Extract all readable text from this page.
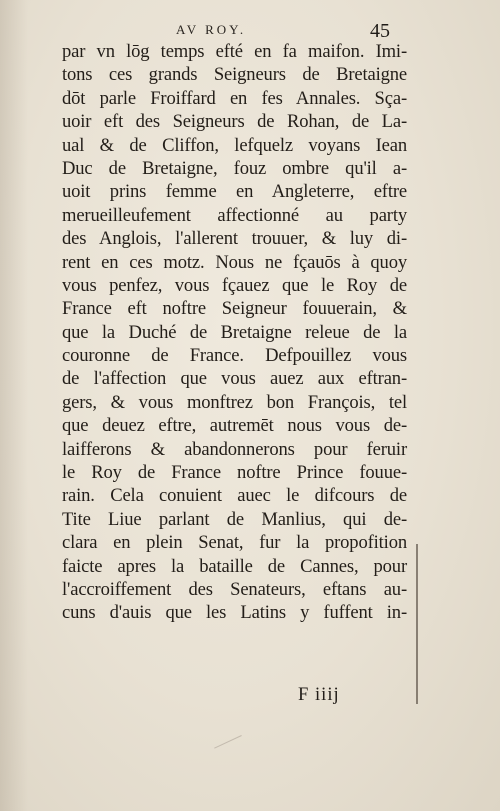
AV ROY.	45
par vn lōg temps efté en fa maifon. Imi-
tons ces grands Seigneurs de Bretaigne
dōt parle Froiffard en fes Annales. Sça-
uoir eft des Seigneurs de Rohan, de La-
ual & de Cliffon, lefquelz voyans Iean
Duc de Bretaigne, fouz ombre qu'il a-
uoit prins femme en Angleterre, eftre
merueilleufement affectionné au party
des Anglois, l'allerent trouuer, & luy di-
rent en ces motz. Nous ne fçauōs à quoy
vous penfez, vous fçauez que le Roy de
France eft noftre Seigneur fouuerain, &
que la Duché de Bretaigne releue de la
couronne de France. Defpouillez vous
de l'affection que vous auez aux eftran-
gers, & vous monftrez bon François, tel
que deuez eftre, autremēt nous vous de-
laifferons & abandonnerons pour feruir
le Roy de France noftre Prince fouue-
rain. Cela conuient auec le difcours de
Tite Liue parlant de Manlius, qui de-
clara en plein Senat, fur la propofition
faicte apres la bataille de Cannes, pour
l'accroiffement des Senateurs, eftans au-
cuns d'auis que les Latins y fuffent in-
F iiij
